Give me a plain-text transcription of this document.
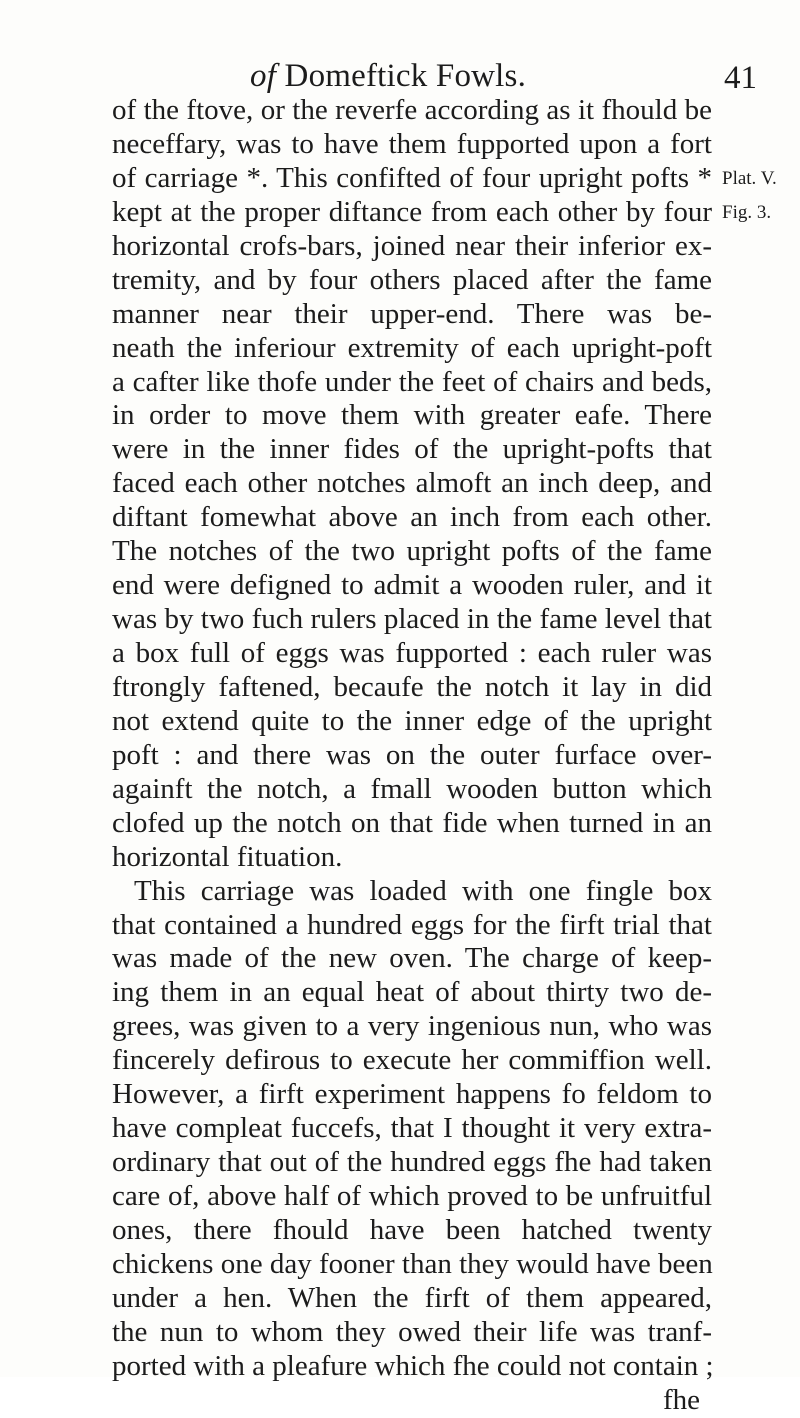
of Domeftick Fowls.	41
of the ftove, or the reverfe according as it fhould be
neceffary, was to have them fupported upon a fort
of carriage *. This confifted of four upright pofts *
kept at the proper diftance from each other by four
horizontal crofs-bars, joined near their inferior ex-
tremity, and by four others placed after the fame
manner near their upper-end. There was be-
neath the inferiour extremity of each upright-poft
a cafter like thofe under the feet of chairs and beds,
in order to move them with greater eafe. There
were in the inner fides of the upright-pofts that
faced each other notches almoft an inch deep, and
diftant fomewhat above an inch from each other.
The notches of the two upright pofts of the fame
end were defigned to admit a wooden ruler, and it
was by two fuch rulers placed in the fame level that
a box full of eggs was fupported : each ruler was
ftrongly faftened, becaufe the notch it lay in did
not extend quite to the inner edge of the upright
poft : and there was on the outer furface over-
againft the notch, a fmall wooden button which
clofed up the notch on that fide when turned in an
horizontal fituation.
This carriage was loaded with one fingle box
that contained a hundred eggs for the firft trial that
was made of the new oven. The charge of keep-
ing them in an equal heat of about thirty two de-
grees, was given to a very ingenious nun, who was
fincerely defirous to execute her commiffion well.
However, a firft experiment happens fo feldom to
have compleat fuccefs, that I thought it very extra-
ordinary that out of the hundred eggs fhe had taken
care of, above half of which proved to be unfruitful
ones, there fhould have been hatched twenty
chickens one day fooner than they would have been
under a hen. When the firft of them appeared,
the nun to whom they owed their life was tranf-
ported with a pleafure which fhe could not contain ;
fhe
Plat. V.
Fig. 3.
